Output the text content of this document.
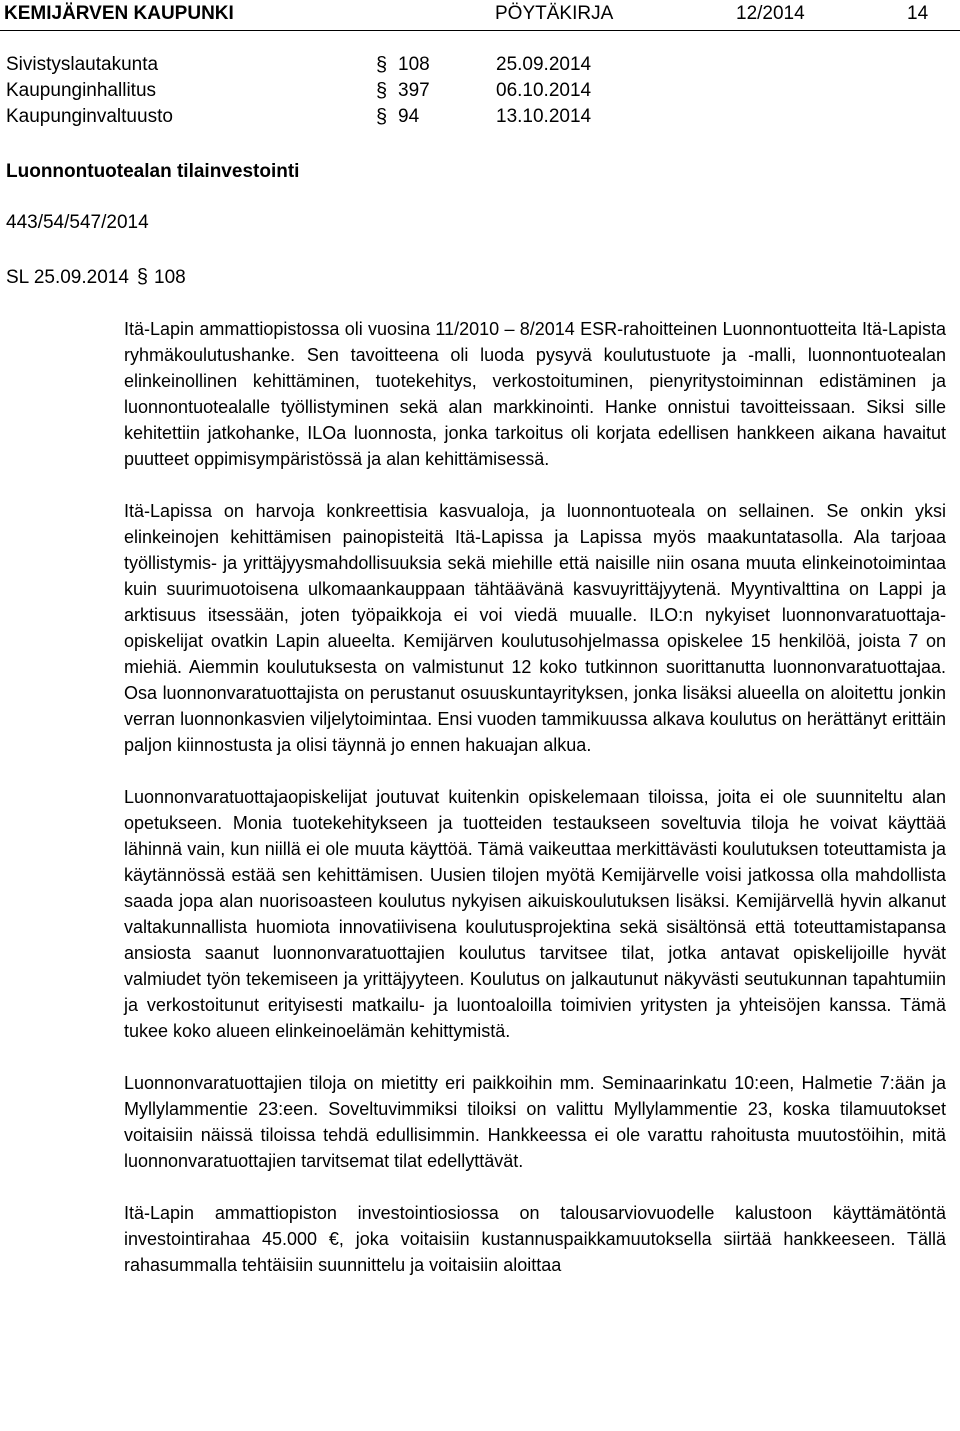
KEMIJÄRVEN KAUPUNKI	PÖYTÄKIRJA	12/2014	14
Sivistyslautakunta	§ 108	25.09.2014
Kaupunginhallitus	§ 397	06.10.2014
Kaupunginvaltuusto	§ 94	13.10.2014
Luonnontuotealan tilainvestointi
443/54/547/2014
SL 25.09.2014 § 108

Itä-Lapin ammattiopistossa oli vuosina 11/2010 – 8/2014 ESR-rahoitteinen Luonnontuotteita Itä-Lapista ryhmäkoulutushanke. Sen tavoitteena oli luoda pysyvä koulutustuote ja -malli, luonnontuotealan elinkeinollinen kehittäminen, tuotekehitys, verkostoituminen, pienyritystoiminnan edistäminen ja luonnontuotealalle työllistyminen sekä alan markkinointi. Hanke onnistui tavoitteissaan. Siksi sille kehitettiin jatkohanke, ILOa luonnosta, jonka tarkoitus oli korjata edellisen hankkeen aikana havaitut puutteet oppimisympäristössä ja alan kehittämisessä.

Itä-Lapissa on harvoja konkreettisia kasvualoja, ja luonnontuoteala on sellainen. Se onkin yksi elinkeinojen kehittämisen painopisteitä Itä-Lapissa ja Lapissa myös maakuntatasolla. Ala tarjoaa työllistymis- ja yrittäjyysmahdollisuuksia sekä miehille että naisille niin osana muuta elinkeinotoimintaa kuin suurimuotoisena ulkomaankauppaan tähtäävänä kasvuyrittäjyytenä. Myyntivalttina on Lappi ja arktisuus itsessään, joten työpaikkoja ei voi viedä muualle. ILO:n nykyiset luonnonvaratuottaja-opiskelijat ovatkin Lapin alueelta. Kemijärven koulutusohjelmassa opiskelee 15 henkilöä, joista 7 on miehiä. Aiemmin koulutuksesta on valmistunut 12 koko tutkinnon suorittanutta luonnonvaratuottajaa. Osa luonnonvaratuottajista on perustanut osuuskuntayrityksen, jonka lisäksi alueella on aloitettu jonkin verran luonnonkasvien viljelytoimintaa. Ensi vuoden tammikuussa alkava koulutus on herättänyt erittäin paljon kiinnostusta ja olisi täynnä jo ennen hakuajan alkua.

Luonnonvaratuottajaopiskelijat joutuvat kuitenkin opiskelemaan tiloissa, joita ei ole suunniteltu alan opetukseen. Monia tuotekehitykseen ja tuotteiden testaukseen soveltuvia tiloja he voivat käyttää lähinnä vain, kun niillä ei ole muuta käyttöä. Tämä vaikeuttaa merkittävästi koulutuksen toteuttamista ja käytännössä estää sen kehittämisen. Uusien tilojen myötä Kemijärvelle voisi jatkossa olla mahdollista saada jopa alan nuorisoasteen koulutus nykyisen aikuiskoulutuksen lisäksi. Kemijärvellä hyvin alkanut valtakunnallista huomiota innovatiivisena koulutusprojektina sekä sisältönsä että toteuttamistapansa ansiosta saanut luonnonvaratuottajien koulutus tarvitsee tilat, jotka antavat opiskelijoille hyvät valmiudet työn tekemiseen ja yrittäjyyteen. Koulutus on jalkautunut näkyvästi seutukunnan tapahtumiin ja verkostoitunut erityisesti matkailu- ja luontoaloilla toimivien yritysten ja yhteisöjen kanssa. Tämä tukee koko alueen elinkeinoelämän kehittymistä.

Luonnonvaratuottajien tiloja on mietitty eri paikkoihin mm. Seminaarinkatu 10:een, Halmetie 7:ään ja Myllylammentie 23:een. Soveltuvimmiksi tiloiksi on valittu Myllylammentie 23, koska tilamuutokset voitaisiin näissä tiloissa tehdä edullisimmin. Hankkeessa ei ole varattu rahoitusta muutostöihin, mitä luonnonvaratuottajien tarvitsemat tilat edellyttävät.

Itä-Lapin ammattiopiston investointiosiossa on talousarviovuodelle kalustoon käyttämätöntä investointirahaa 45.000 €, joka voitaisiin kustannuspaikkamuutoksella siirtää hankkeeseen. Tällä rahasummalla tehtäisiin suunnittelu ja voitaisiin aloittaa
